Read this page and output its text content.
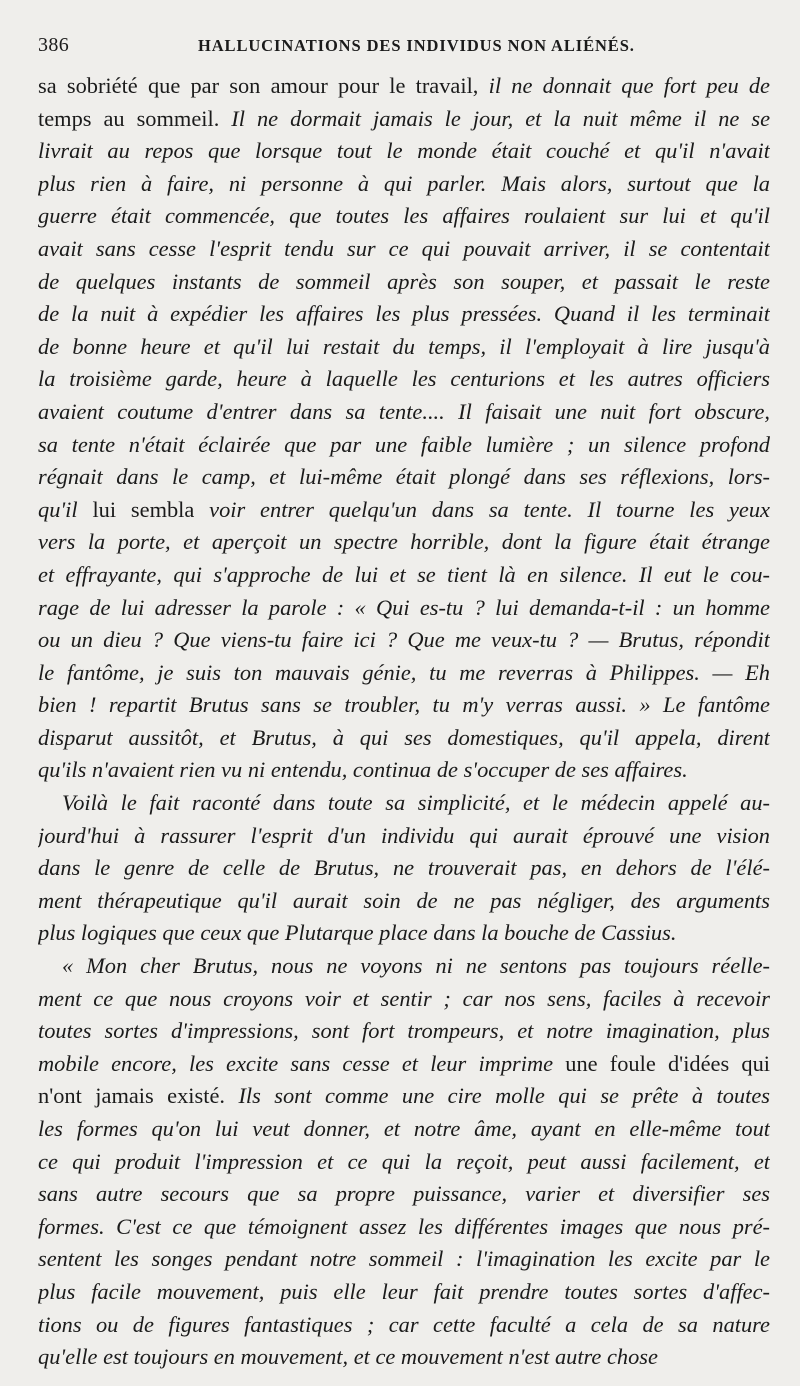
386	HALLUCINATIONS DES INDIVIDUS NON ALIÉNÉS.
sa sobriété que par son amour pour le travail, il ne donnait que fort peu de
temps au sommeil. Il ne dormait jamais le jour, et la nuit même il ne se
livrait au repos que lorsque tout le monde était couché et qu'il n'avait
plus rien à faire, ni personne à qui parler. Mais alors, surtout que la
guerre était commencée, que toutes les affaires roulaient sur lui et qu'il
avait sans cesse l'esprit tendu sur ce qui pouvait arriver, il se contentait
de quelques instants de sommeil après son souper, et passait le reste
de la nuit à expédier les affaires les plus pressées. Quand il les terminait
de bonne heure et qu'il lui restait du temps, il l'employait à lire jusqu'à
la troisième garde, heure à laquelle les centurions et les autres officiers
avaient coutume d'entrer dans sa tente.... Il faisait une nuit fort obscure,
sa tente n'était éclairée que par une faible lumière ; un silence profond
régnait dans le camp, et lui-même était plongé dans ses réflexions, lors-
qu'il lui sembla voir entrer quelqu'un dans sa tente. Il tourne les yeux
vers la porte, et aperçoit un spectre horrible, dont la figure était étrange
et effrayante, qui s'approche de lui et se tient là en silence. Il eut le cou-
rage de lui adresser la parole : « Qui es-tu ? lui demanda-t-il : un homme
ou un dieu ? Que viens-tu faire ici ? Que me veux-tu ? — Brutus, répondit
le fantôme, je suis ton mauvais génie, tu me reverras à Philippes. — Eh
bien ! repartit Brutus sans se troubler, tu m'y verras aussi. » Le fantôme
disparut aussitôt, et Brutus, à qui ses domestiques, qu'il appela, dirent
qu'ils n'avaient rien vu ni entendu, continua de s'occuper de ses affaires.
Voilà le fait raconté dans toute sa simplicité, et le médecin appelé au-
jourd'hui à rassurer l'esprit d'un individu qui aurait éprouvé une vision
dans le genre de celle de Brutus, ne trouverait pas, en dehors de l'élé-
ment thérapeutique qu'il aurait soin de ne pas négliger, des arguments
plus logiques que ceux que Plutarque place dans la bouche de Cassius.
« Mon cher Brutus, nous ne voyons ni ne sentons pas toujours réelle-
ment ce que nous croyons voir et sentir ; car nos sens, faciles à recevoir
toutes sortes d'impressions, sont fort trompeurs, et notre imagination, plus
mobile encore, les excite sans cesse et leur imprime une foule d'idées qui
n'ont jamais existé. Ils sont comme une cire molle qui se prête à toutes
les formes qu'on lui veut donner, et notre âme, ayant en elle-même tout
ce qui produit l'impression et ce qui la reçoit, peut aussi facilement, et
sans autre secours que sa propre puissance, varier et diversifier ses
formes. C'est ce que témoignent assez les différentes images que nous pré-
sentent les songes pendant notre sommeil : l'imagination les excite par le
plus facile mouvement, puis elle leur fait prendre toutes sortes d'affec-
tions ou de figures fantastiques ; car cette faculté a cela de sa nature
qu'elle est toujours en mouvement, et ce mouvement n'est autre chose
